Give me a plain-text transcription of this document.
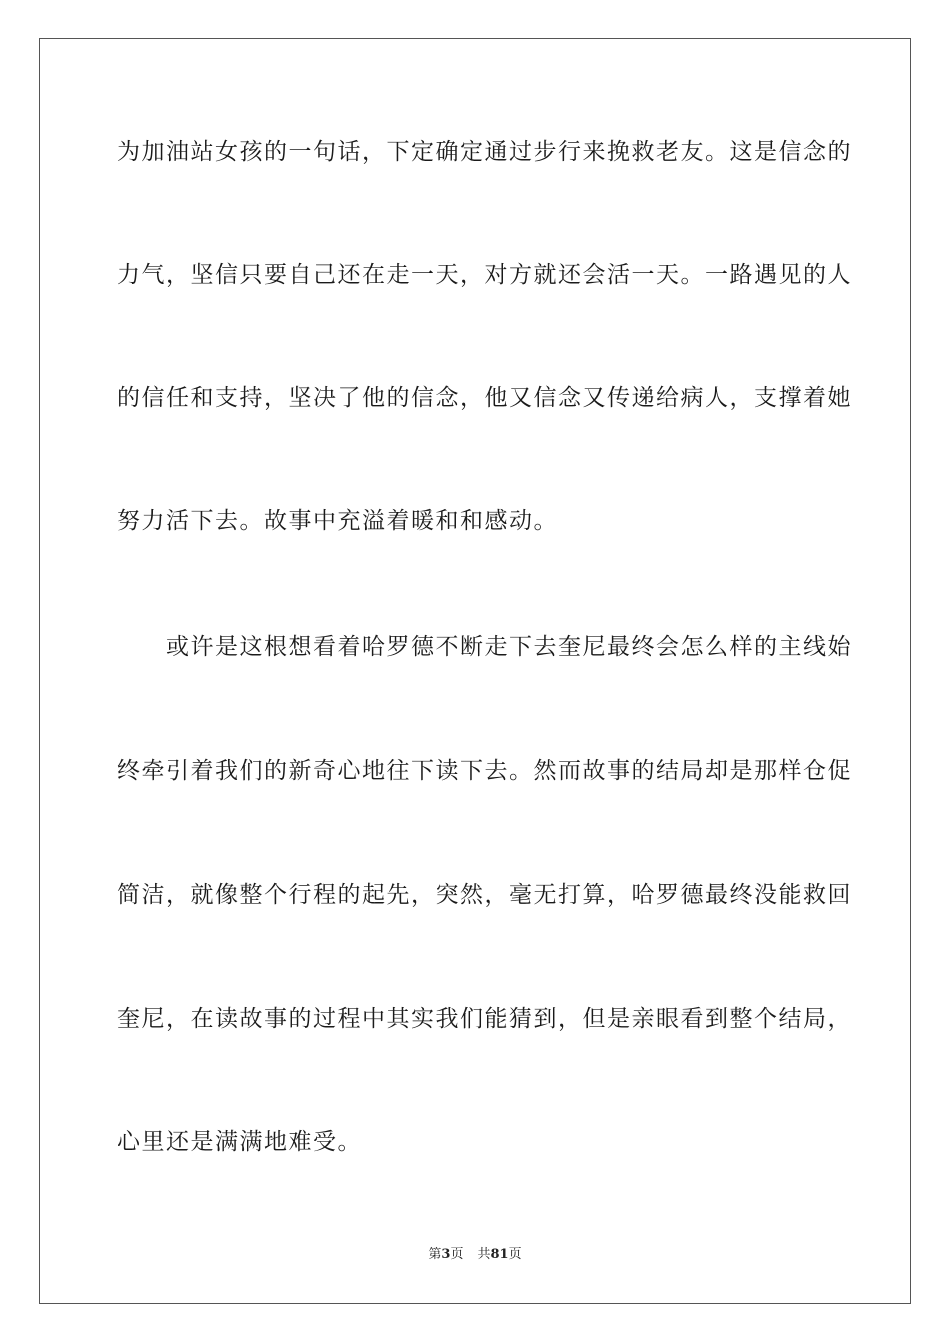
为加油站女孩的一句话，下定确定通过步行来挽救老友。这是信念的
力气，坚信只要自己还在走一天，对方就还会活一天。一路遇见的人
的信任和支持，坚决了他的信念，他又信念又传递给病人，支撑着她
努力活下去。故事中充溢着暖和和感动。
　　或许是这根想看着哈罗德不断走下去奎尼最终会怎么样的主线始
终牵引着我们的新奇心地往下读下去。然而故事的结局却是那样仓促
简洁，就像整个行程的起先，突然，毫无打算，哈罗德最终没能救回
奎尼，在读故事的过程中其实我们能猜到，但是亲眼看到整个结局，
心里还是满满地难受。
第3页 共81页
